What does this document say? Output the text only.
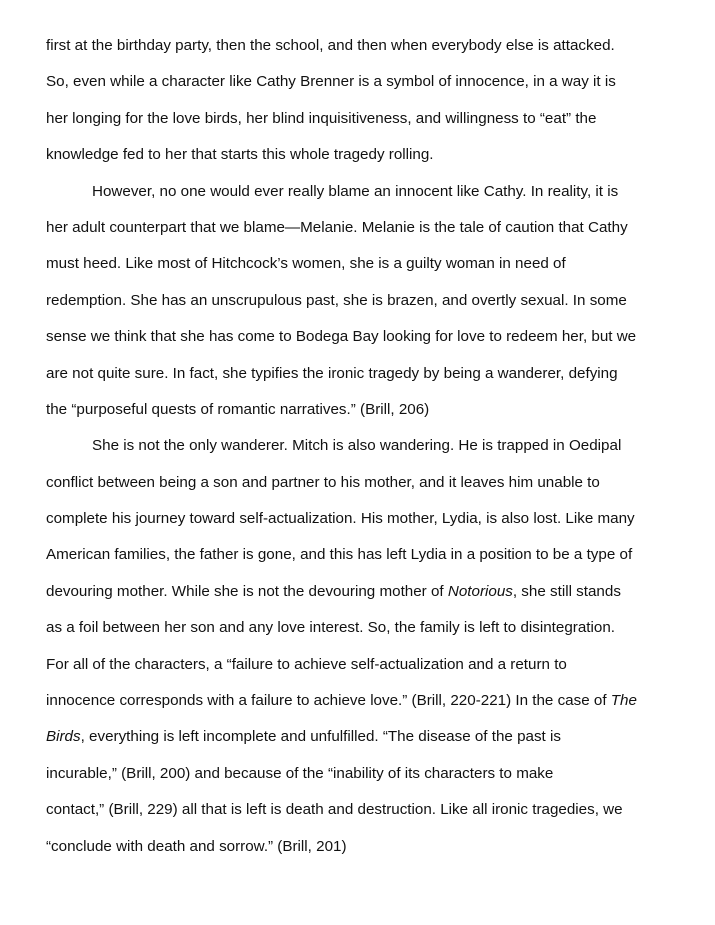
first at the birthday party, then the school, and then when everybody else is attacked.
So, even while a character like Cathy Brenner is a symbol of innocence, in a way it is
her longing for the love birds, her blind inquisitiveness, and willingness to “eat” the
knowledge fed to her that starts this whole tragedy rolling.
However, no one would ever really blame an innocent like Cathy. In reality, it is
her adult counterpart that we blame—Melanie. Melanie is the tale of caution that Cathy
must heed. Like most of Hitchcock’s women, she is a guilty woman in need of
redemption. She has an unscrupulous past, she is brazen, and overtly sexual. In some
sense we think that she has come to Bodega Bay looking for love to redeem her, but we
are not quite sure. In fact, she typifies the ironic tragedy by being a wanderer, defying
the “purposeful quests of romantic narratives.” (Brill, 206)
She is not the only wanderer. Mitch is also wandering. He is trapped in Oedipal
conflict between being a son and partner to his mother, and it leaves him unable to
complete his journey toward self-actualization. His mother, Lydia, is also lost. Like many
American families, the father is gone, and this has left Lydia in a position to be a type of
devouring mother. While she is not the devouring mother of Notorious, she still stands
as a foil between her son and any love interest. So, the family is left to disintegration.
For all of the characters, a “failure to achieve self-actualization and a return to
innocence corresponds with a failure to achieve love.” (Brill, 220-221) In the case of The
Birds, everything is left incomplete and unfulfilled. “The disease of the past is
incurable,” (Brill, 200) and because of the “inability of its characters to make
contact,” (Brill, 229) all that is left is death and destruction. Like all ironic tragedies, we
“conclude with death and sorrow.” (Brill, 201)
